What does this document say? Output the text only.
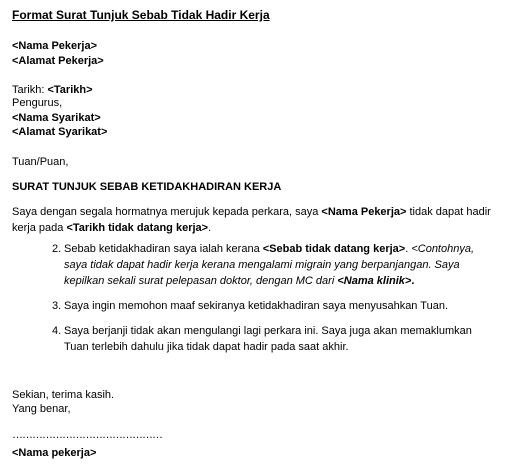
Format Surat Tunjuk Sebab Tidak Hadir Kerja
<Nama Pekerja>
<Alamat Pekerja>
Tarikh: <Tarikh>
Pengurus,
<Nama Syarikat>
<Alamat Syarikat>
Tuan/Puan,
SURAT TUNJUK SEBAB KETIDAKHADIRAN KERJA
Saya dengan segala hormatnya merujuk kepada perkara, saya <Nama Pekerja> tidak dapat hadir kerja pada <Tarikh tidak datang kerja>.
2. Sebab ketidakhadiran saya ialah kerana <Sebab tidak datang kerja>. <Contohnya, saya tidak dapat hadir kerja kerana mengalami migrain yang berpanjangan. Saya kepilkan sekali surat pelepasan doktor, dengan MC dari <Nama klinik>.
3. Saya ingin memohon maaf sekiranya ketidakhadiran saya menyusahkan Tuan.
4. Saya berjanji tidak akan mengulangi lagi perkara ini. Saya juga akan memaklumkan Tuan terlebih dahulu jika tidak dapat hadir pada saat akhir.
Sekian, terima kasih.
Yang benar,
………………………………………
<Nama pekerja>
